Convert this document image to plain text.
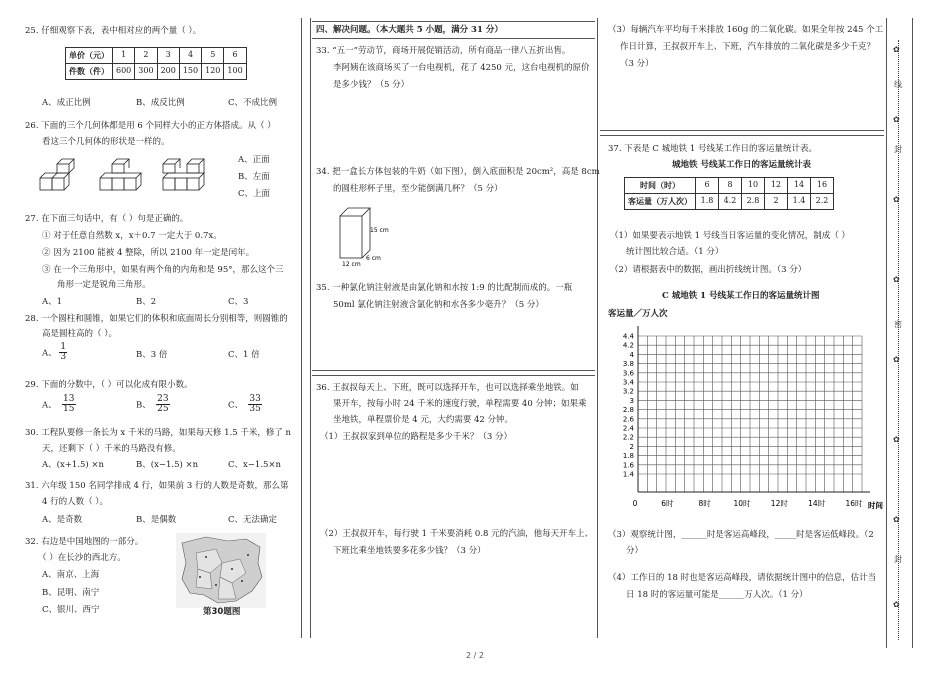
25. 仔细观察下表，表中相对应的两个量（ ）。
单价（元）	1	2	3	4	5	6
件数（件）	600	300	200	150	120	100
A、成正比例	B、成反比例	C、不成比例
26. 下面的三个几何体都是用 6 个同样大小的正方体搭成。从（ ）
看这三个几何体的形状是一样的。
A、正面
B、左面
C、上面
27. 在下面三句话中，有（ ）句是正确的。
① 对于任意自然数 x，x＋0.7 一定大于 0.7x。
② 因为 2100 能被 4 整除，所以 2100 年一定是闰年。
③ 在一个三角形中，如果有两个角的内角和是 95°，那么这个三
角形一定是锐角三角形。
A、1	B、2	C、3
28. 一个圆柱和圆锥，如果它们的体积和底面周长分别相等，则圆锥的
高是圆柱高的（ ）。
A、 $\frac{1}{3}$	B、3 倍	C、1 倍
29. 下面的分数中，（ ）可以化成有限小数。
A、 $\frac{13}{15}$	B、 $\frac{23}{25}$	C、 $\frac{33}{35}$
30. 工程队要修一条长为 x 千米的马路，如果每天修 1.5 千米，修了 n
天，还剩下（ ）千米的马路没有修。
A、(x+1.5) ×n	B、(x−1.5) ×n	C、x−1.5×n
31. 六年级 150 名同学排成 4 行，如果前 3 行的人数是奇数，那么第
4 行的人数（ ）。
A、是奇数	B、是偶数	C、无法确定
32. 右边是中国地图的一部分。
（ ）在长沙的西北方。
A、南京、上海
B、昆明、南宁
C、银川、西宁	第30题图
四、解决问题。（本大题共 5 小题，满分 31 分）
33. “五一”劳动节，商场开展促销活动，所有商品一律八五折出售。
李阿姨在该商场买了一台电视机，花了 4250 元，这台电视机的原价
是多少钱？（5 分）
34. 把一盒长方体包装的牛奶（如下图），倒入底面积是 20cm²，高是 8cm
的圆柱形杯子里，至少能倒满几杯？（5 分）
15 cm
6 cm
12 cm
35. 一种氯化钠注射液是由氯化钠和水按 1:9 的比配制而成的。一瓶
50ml 氯化钠注射液含氯化钠和水各多少毫升？（5 分）
36. 王叔叔每天上、下班，既可以选择开车，也可以选择乘坐地铁。如
果开车，按每小时 24 千米的速度行驶，单程需要 40 分钟；如果乘
坐地铁，单程票价是 4 元，大约需要 42 分钟。
（1）王叔叔家到单位的路程是多少千米？（3 分）
（2）王叔叔开车，每行驶 1 千米要消耗 0.8 元的汽油，他每天开车上、
下班比乘坐地铁要多花多少钱？（3 分）
（3）每辆汽车平均每千米排放 160g 的二氧化碳。如果全年按 245 个工
作日计算，王叔叔开车上、下班，汽车排放的二氧化碳是多少千克？
（3 分）
37. 下表是 C 城地铁 1 号线某工作日的客运量统计表。
城地铁 号线某工作日的客运量统计表
时间（时）	6	8	10	12	14	16
客运量（万人次）	1.8	4.2	2.8	2	1.4	2.2
（1）如果要表示地铁 1 号线当日客运量的变化情况，制成（ ）
统计图比较合适。（1 分）
（2）请根据表中的数据，画出折线统计图。（3 分）
C 城地铁 1 号线某工作日的客运量统计图
客运量／万人次
4.4
4.2
4
3.8
3.6
3.4
3.2
3
2.8
2.6
2.4
2.2
2
1.8
1.6
1.4
0	6时	8时	10时	12时	14时	16时 时间
（3）观察统计图，______时是客运高峰段，_____时是客运低峰段。（2
分）
（4）工作日的 18 时也是客运高峰段，请依据统计图中的信息，估计当
日 18 时的客运量可能是______万人次。（1 分）
✿
✿
✿
✿
✿
✿
✿
✿
线
封
密
封
2 / 2
